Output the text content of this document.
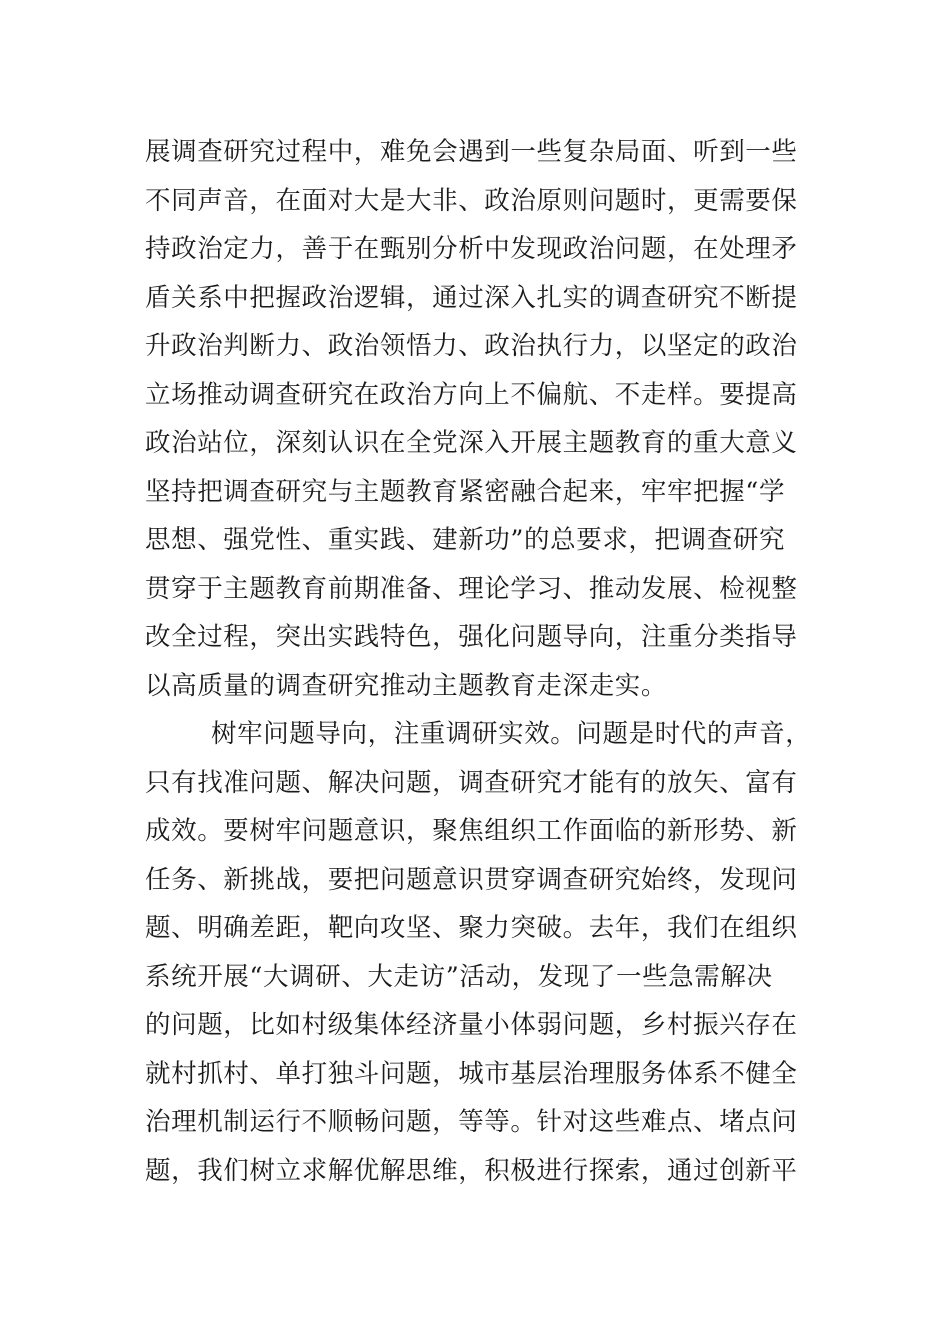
展调查研究过程中，难免会遇到一些复杂局面、听到一些
不同声音，在面对大是大非、政治原则问题时，更需要保
持政治定力，善于在甄别分析中发现政治问题，在处理矛
盾关系中把握政治逻辑，通过深入扎实的调查研究不断提
升政治判断力、政治领悟力、政治执行力，以坚定的政治
立场推动调查研究在政治方向上不偏航、不走样。要提高
政治站位，深刻认识在全党深入开展主题教育的重大意义
坚持把调查研究与主题教育紧密融合起来，牢牢把握“学
思想、强党性、重实践、建新功”的总要求，把调查研究
贯穿于主题教育前期准备、理论学习、推动发展、检视整
改全过程，突出实践特色，强化问题导向，注重分类指导
以高质量的调查研究推动主题教育走深走实。
树牢问题导向，注重调研实效。问题是时代的声音，
只有找准问题、解决问题，调查研究才能有的放矢、富有
成效。要树牢问题意识，聚焦组织工作面临的新形势、新
任务、新挑战，要把问题意识贯穿调查研究始终，发现问
题、明确差距，靶向攻坚、聚力突破。去年，我们在组织
系统开展“大调研、大走访”活动，发现了一些急需解决
的问题，比如村级集体经济量小体弱问题，乡村振兴存在
就村抓村、单打独斗问题，城市基层治理服务体系不健全
治理机制运行不顺畅问题，等等。针对这些难点、堵点问
题，我们树立求解优解思维，积极进行探索，通过创新平
